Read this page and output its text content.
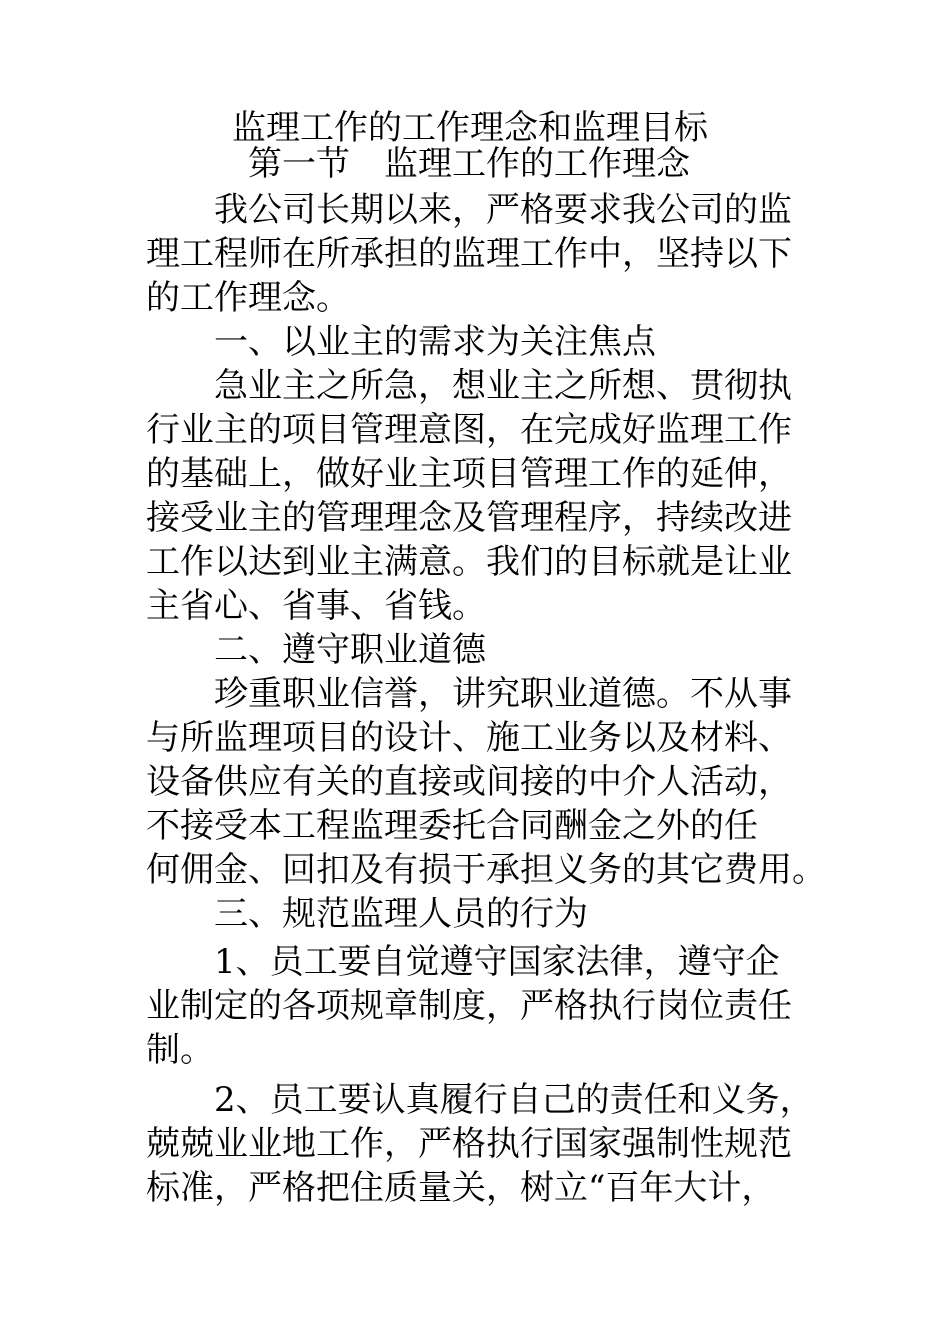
监理工作的工作理念和监理目标
第一节　监理工作的工作理念
我公司长期以来，严格要求我公司的监
理工程师在所承担的监理工作中，坚持以下
的工作理念。
一、以业主的需求为关注焦点
急业主之所急，想业主之所想、贯彻执
行业主的项目管理意图，在完成好监理工作
的基础上，做好业主项目管理工作的延伸，
接受业主的管理理念及管理程序，持续改进
工作以达到业主满意。我们的目标就是让业
主省心、省事、省钱。
二、遵守职业道德
珍重职业信誉，讲究职业道德。不从事
与所监理项目的设计、施工业务以及材料、
设备供应有关的直接或间接的中介人活动，
不接受本工程监理委托合同酬金之外的任
何佣金、回扣及有损于承担义务的其它费用。
三、规范监理人员的行为
1、员工要自觉遵守国家法律，遵守企
业制定的各项规章制度，严格执行岗位责任
制。
2、员工要认真履行自己的责任和义务，
兢兢业业地工作，严格执行国家强制性规范
标准，严格把住质量关，树立“百年大计，
